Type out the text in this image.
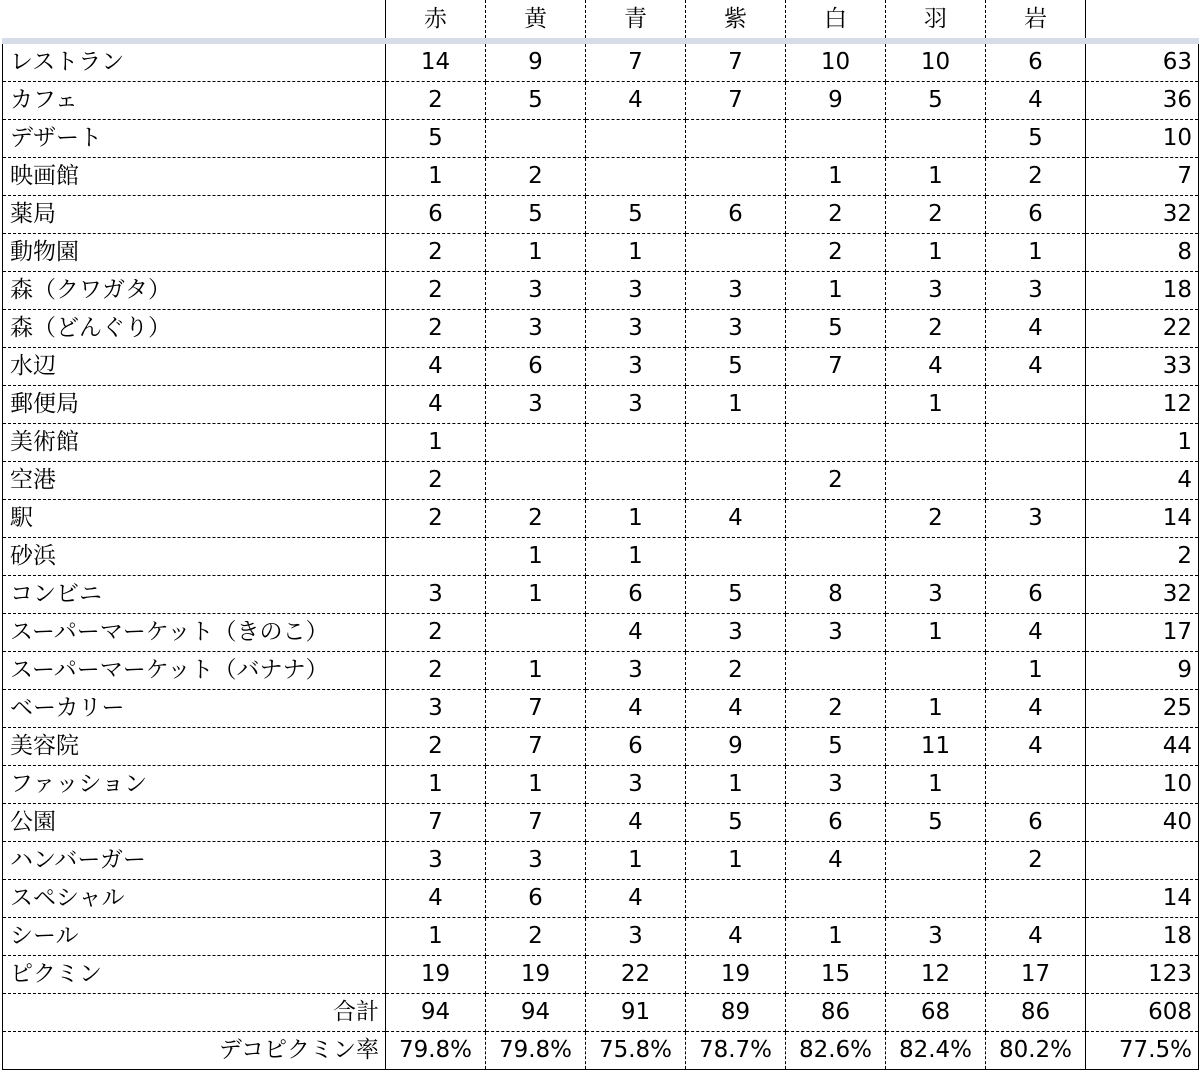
	赤	黄	青	紫	白	羽	岩	
レストラン	14	9	7	7	10	10	6	63
カフェ	2	5	4	7	9	5	4	36
デザート	5						5	10
映画館	1	2			1	1	2	7
薬局	6	5	5	6	2	2	6	32
動物園	2	1	1		2	1	1	8
森（クワガタ）	2	3	3	3	1	3	3	18
森（どんぐり）	2	3	3	3	5	2	4	22
水辺	4	6	3	5	7	4	4	33
郵便局	4	3	3	1		1		12
美術館	1							1
空港	2				2			4
駅	2	2	1	4		2	3	14
砂浜		1	1					2
コンビニ	3	1	6	5	8	3	6	32
スーパーマーケット（きのこ）	2		4	3	3	1	4	17
スーパーマーケット（バナナ）	2	1	3	2			1	9
ベーカリー	3	7	4	4	2	1	4	25
美容院	2	7	6	9	5	11	4	44
ファッション	1	1	3	1	3	1		10
公園	7	7	4	5	6	5	6	40
ハンバーガー	3	3	1	1	4		2	
スペシャル	4	6	4					14
シール	1	2	3	4	1	3	4	18
ピクミン	19	19	22	19	15	12	17	123
合計	94	94	91	89	86	68	86	608
デコピクミン率	79.8%	79.8%	75.8%	78.7%	82.6%	82.4%	80.2%	77.5%
